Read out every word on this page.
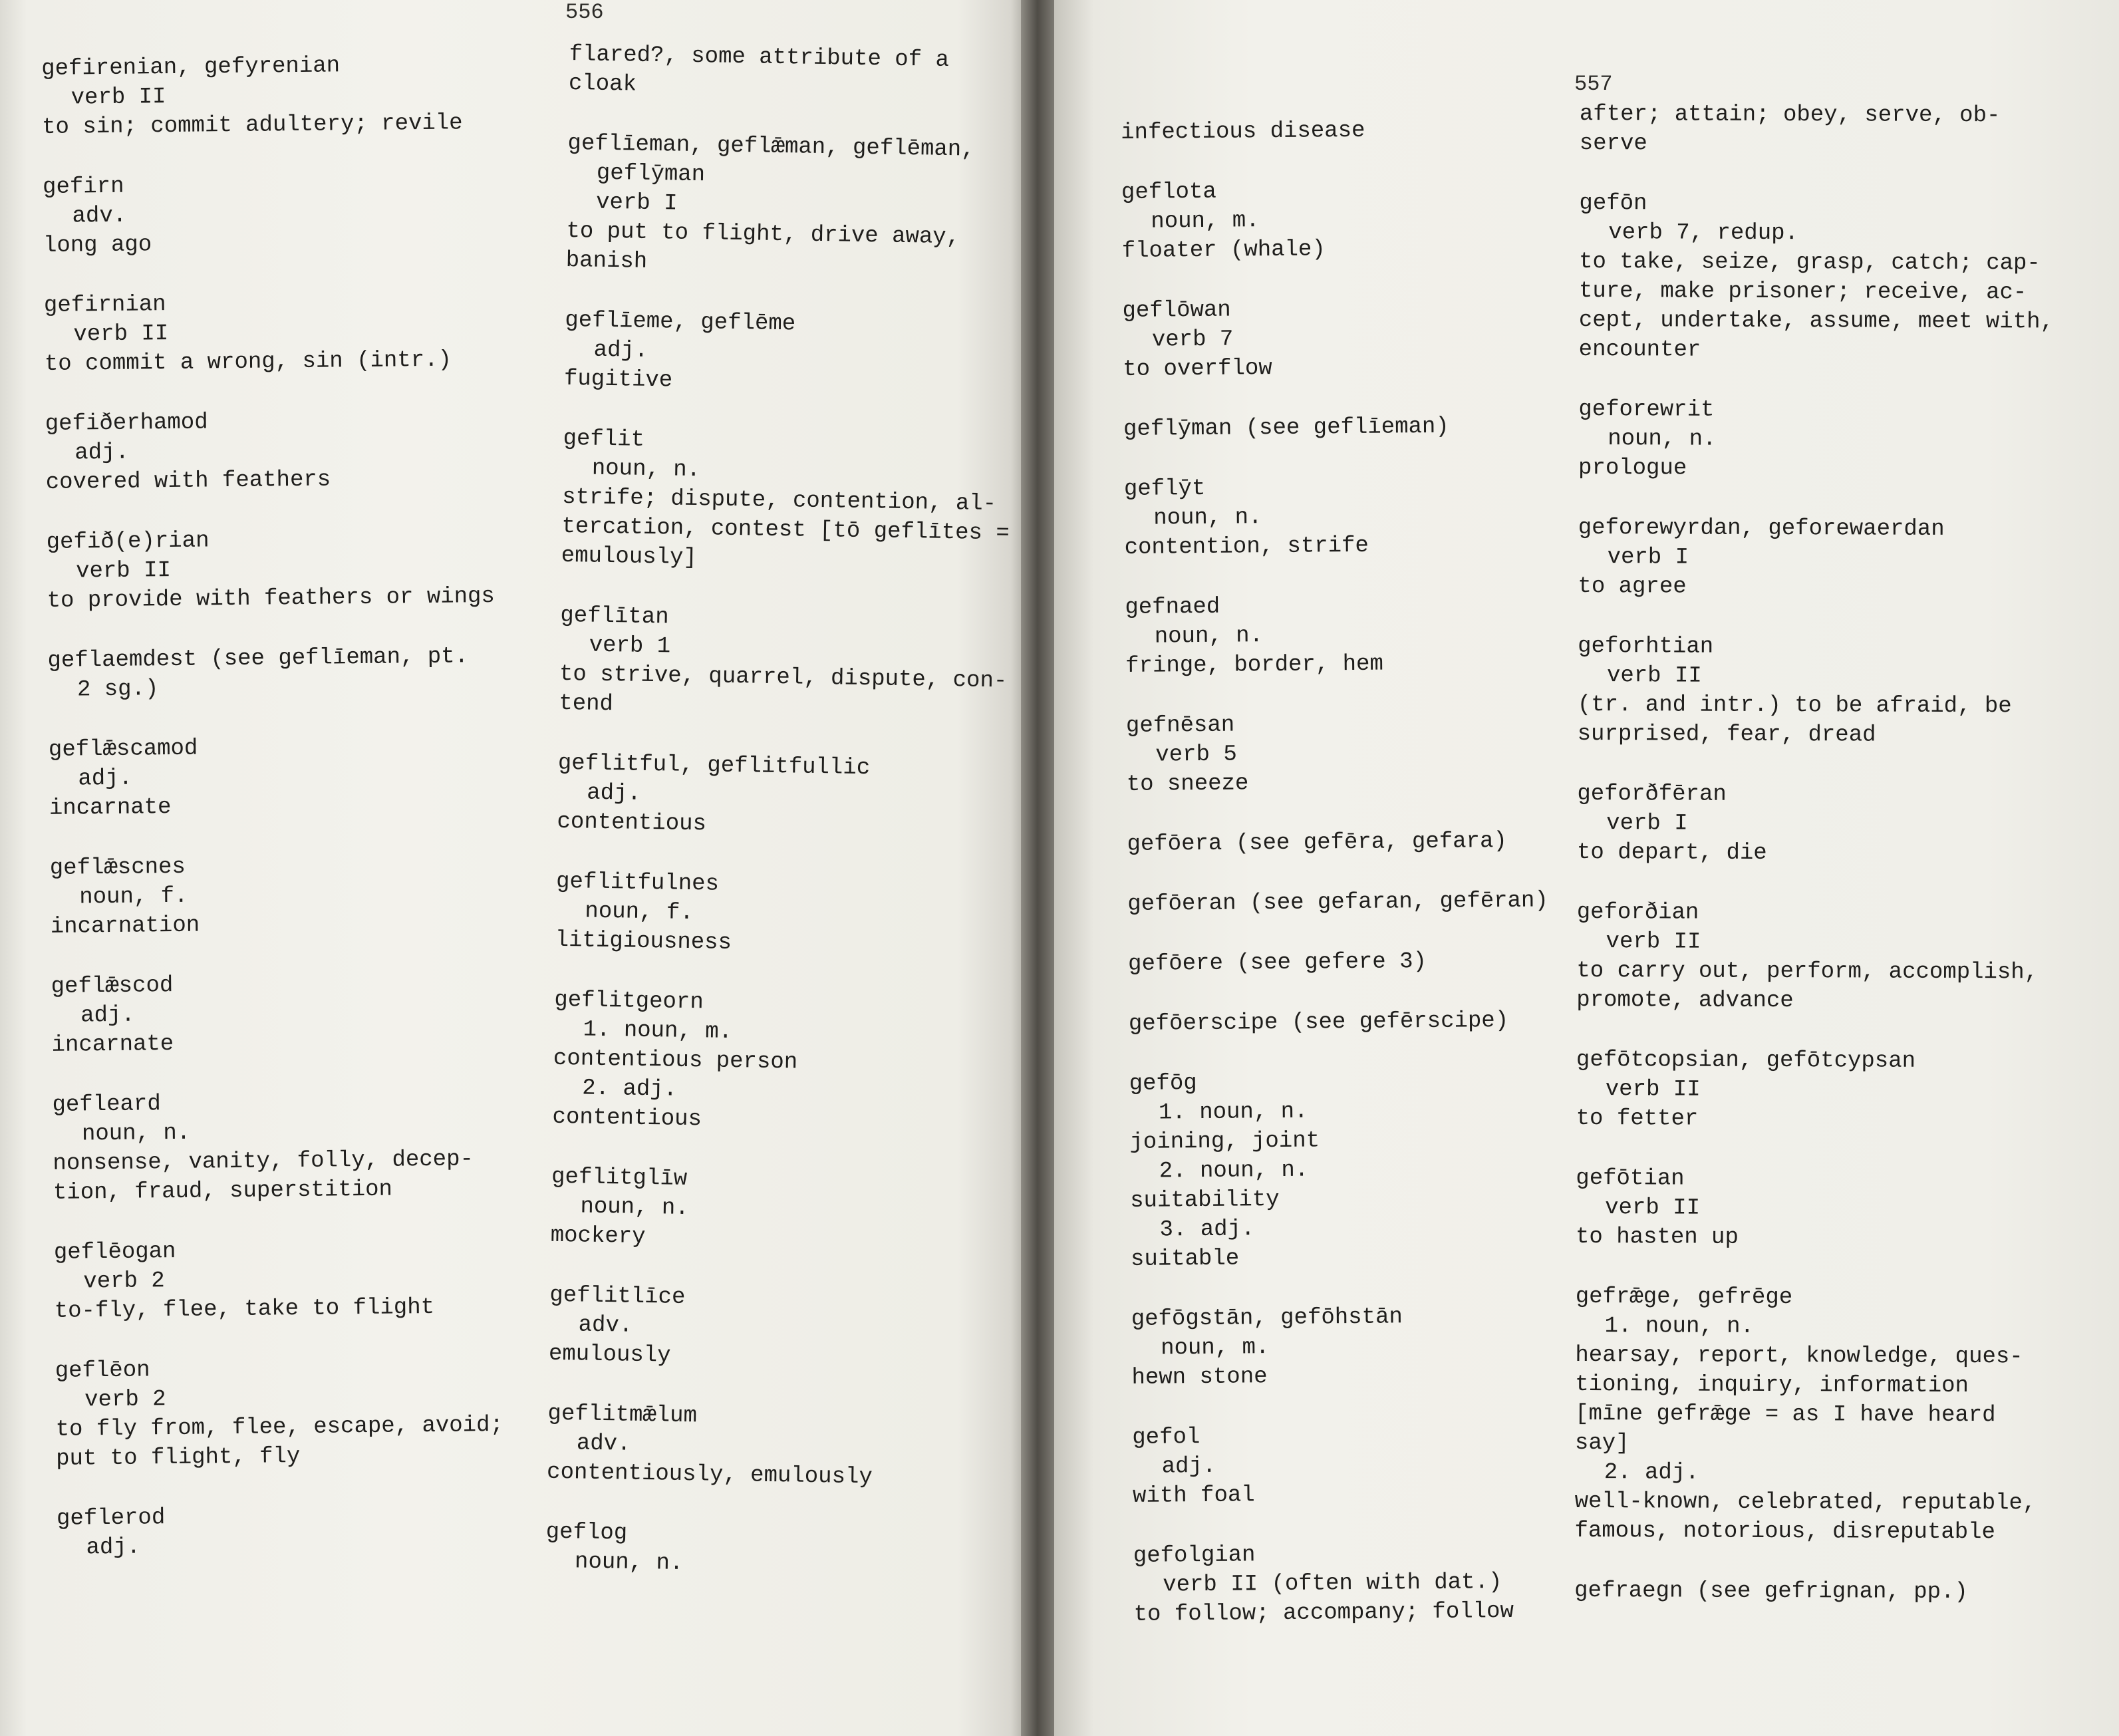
556
gefirenian, gefyrenian
verb II
to sin; commit adultery; revile
gefirn
adv.
long ago
gefirnian
verb II
to commit a wrong, sin (intr.)
gefiðerhamod
adj.
covered with feathers
gefið(e)rian
verb II
to provide with feathers or wings
geflaemdest (see geflīeman, pt.
2 sg.)
geflǣscamod
adj.
incarnate
geflǣscnes
noun, f.
incarnation
geflǣscod
adj.
incarnate
gefleard
noun, n.
nonsense, vanity, folly, decep-
tion, fraud, superstition
geflēogan
verb 2
to-fly, flee, take to flight
geflēon
verb 2
to fly from, flee, escape, avoid;
put to flight, fly
geflerod
adj.
flared?, some attribute of a cloak
geflīeman, geflǣman, geflēman,
geflȳman
verb I
to put to flight, drive away,
banish
geflīeme, geflēme
adj.
fugitive
geflit
noun, n.
strife; dispute, contention, al-
tercation, contest [tō geflītes =
emulously]
geflītan
verb 1
to strive, quarrel, dispute, con-
tend
geflitful, geflitfullic
adj.
contentious
geflitfulnes
noun, f.
litigiousness
geflitgeorn
1. noun, m.
contentious person
2. adj.
contentious
geflitglīw
noun, n.
mockery
geflitlīce
adv.
emulously
geflitmǣlum
adv.
contentiously, emulously
geflog
noun, n.
557
infectious disease
geflota
noun, m.
floater (whale)
geflōwan
verb 7
to overflow
geflȳman (see geflīeman)
geflȳt
noun, n.
contention, strife
gefnaed
noun, n.
fringe, border, hem
gefnēsan
verb 5
to sneeze
gefōera (see gefēra, gefara)
gefōeran (see gefaran, gefēran)
gefōere (see gefere 3)
gefōerscipe (see gefērscipe)
gefōg
1. noun, n.
joining, joint
2. noun, n.
suitability
3. adj.
suitable
gefōgstān, gefōhstān
noun, m.
hewn stone
gefol
adj.
with foal
gefolgian
verb II (often with dat.)
to follow; accompany; follow
after; attain; obey, serve, ob-
serve
gefōn
verb 7, redup.
to take, seize, grasp, catch; cap-
ture, make prisoner; receive, ac-
cept, undertake, assume, meet with,
encounter
geforewrit
noun, n.
prologue
geforewyrdan, geforewaerdan
verb I
to agree
geforhtian
verb II
(tr. and intr.) to be afraid, be
surprised, fear, dread
geforðfēran
verb I
to depart, die
geforðian
verb II
to carry out, perform, accomplish,
promote, advance
gefōtcopsian, gefōtcypsan
verb II
to fetter
gefōtian
verb II
to hasten up
gefrǣge, gefrēge
1. noun, n.
hearsay, report, knowledge, ques-
tioning, inquiry, information
[mīne gefrǣge = as I have heard
say]
2. adj.
well-known, celebrated, reputable,
famous, notorious, disreputable
gefraegn (see gefrignan, pp.)
